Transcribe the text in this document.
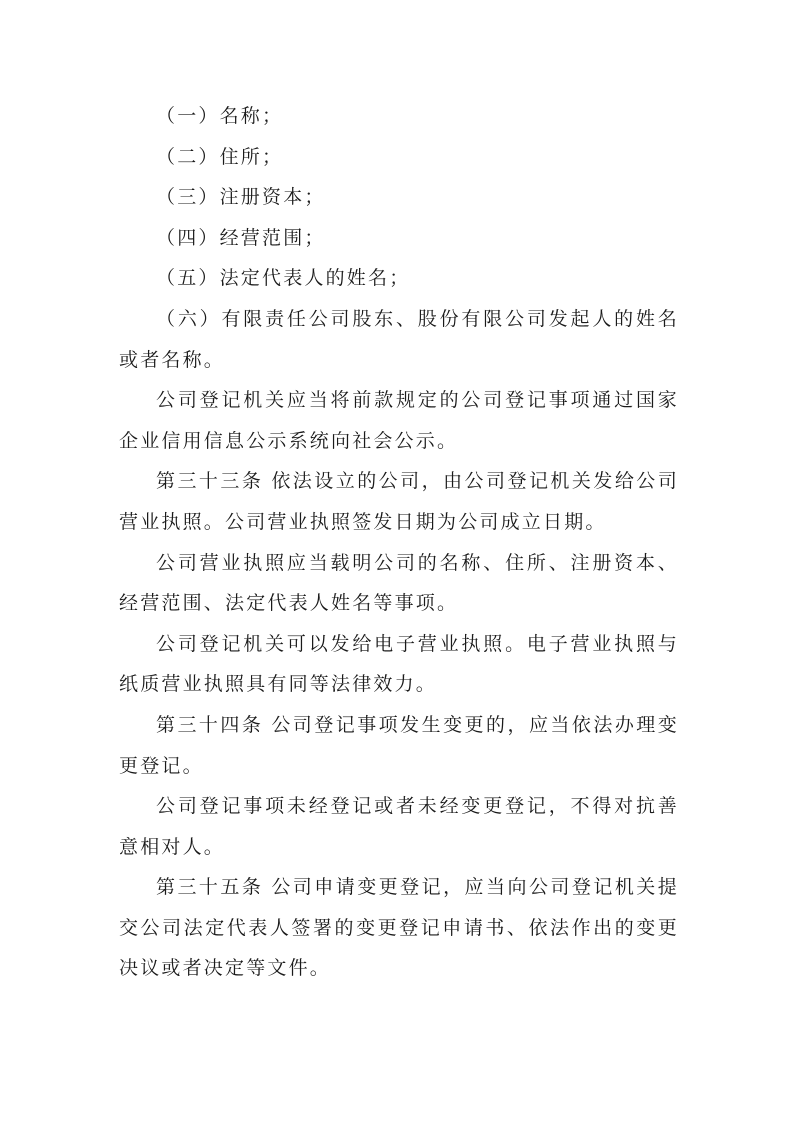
（一）名称；

（二）住所；

（三）注册资本；

（四）经营范围；

（五）法定代表人的姓名；

（六）有限责任公司股东、股份有限公司发起人的姓名或者名称。

公司登记机关应当将前款规定的公司登记事项通过国家企业信用信息公示系统向社会公示。

第三十三条 依法设立的公司，由公司登记机关发给公司营业执照。公司营业执照签发日期为公司成立日期。

公司营业执照应当载明公司的名称、住所、注册资本、经营范围、法定代表人姓名等事项。

公司登记机关可以发给电子营业执照。电子营业执照与纸质营业执照具有同等法律效力。

第三十四条 公司登记事项发生变更的，应当依法办理变更登记。

公司登记事项未经登记或者未经变更登记，不得对抗善意相对人。

第三十五条 公司申请变更登记，应当向公司登记机关提交公司法定代表人签署的变更登记申请书、依法作出的变更决议或者决定等文件。
